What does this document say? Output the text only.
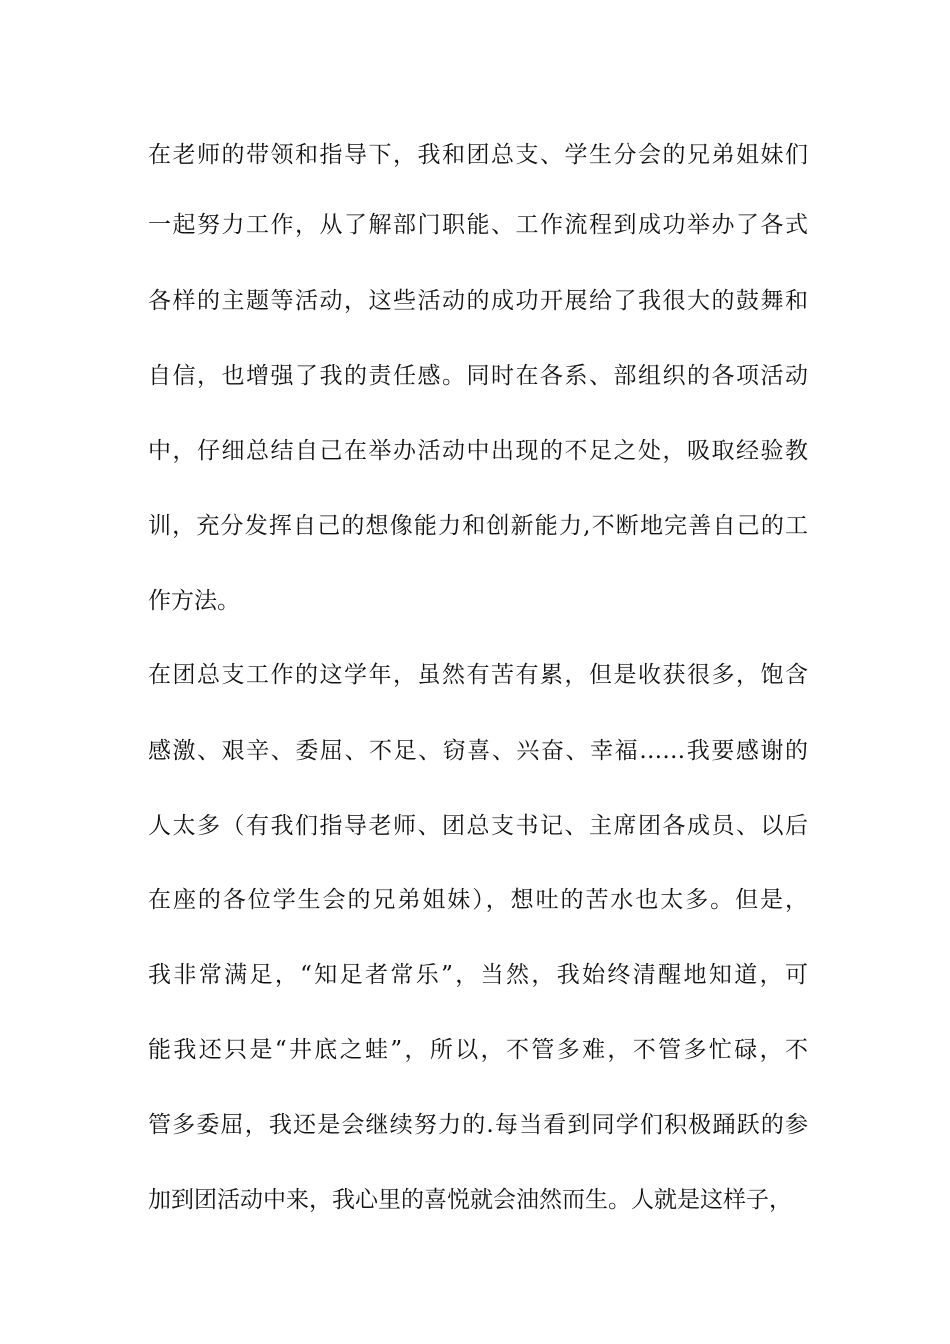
在老师的带领和指导下，我和团总支、学生分会的兄弟姐妹们
一起努力工作，从了解部门职能、工作流程到成功举办了各式
各样的主题等活动，这些活动的成功开展给了我很大的鼓舞和
自信，也增强了我的责任感。同时在各系、部组织的各项活动
中，仔细总结自己在举办活动中出现的不足之处，吸取经验教
训，充分发挥自己的想像能力和创新能力,不断地完善自己的工
作方法。
在团总支工作的这学年，虽然有苦有累，但是收获很多，饱含
感激、艰辛、委屈、不足、窃喜、兴奋、幸福……我要感谢的
人太多（有我们指导老师、团总支书记、主席团各成员、以后
在座的各位学生会的兄弟姐妹），想吐的苦水也太多。但是，
我非常满足，“知足者常乐”，当然，我始终清醒地知道，可
能我还只是“井底之蛙”，所以，不管多难，不管多忙碌，不
管多委屈，我还是会继续努力的.每当看到同学们积极踊跃的参
加到团活动中来，我心里的喜悦就会油然而生。人就是这样子，
